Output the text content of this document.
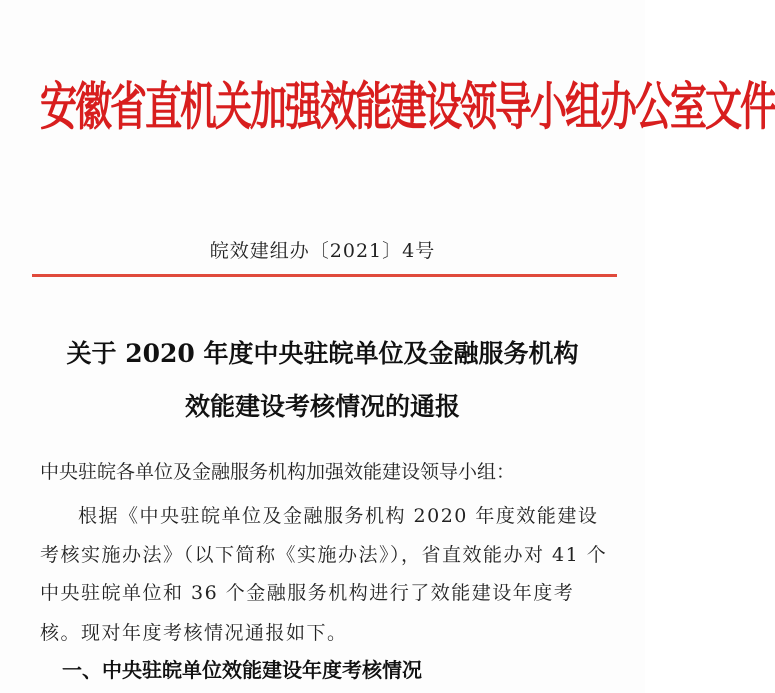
安徽省直机关加强效能建设领导小组办公室文件
皖效建组办〔2021〕4号
关于 2020 年度中央驻皖单位及金融服务机构
效能建设考核情况的通报
中央驻皖各单位及金融服务机构加强效能建设领导小组：
根据《中央驻皖单位及金融服务机构 2020 年度效能建设
考核实施办法》（以下简称《实施办法》），省直效能办对 41 个
中央驻皖单位和 36 个金融服务机构进行了效能建设年度考
核。现对年度考核情况通报如下。
一、中央驻皖单位效能建设年度考核情况
